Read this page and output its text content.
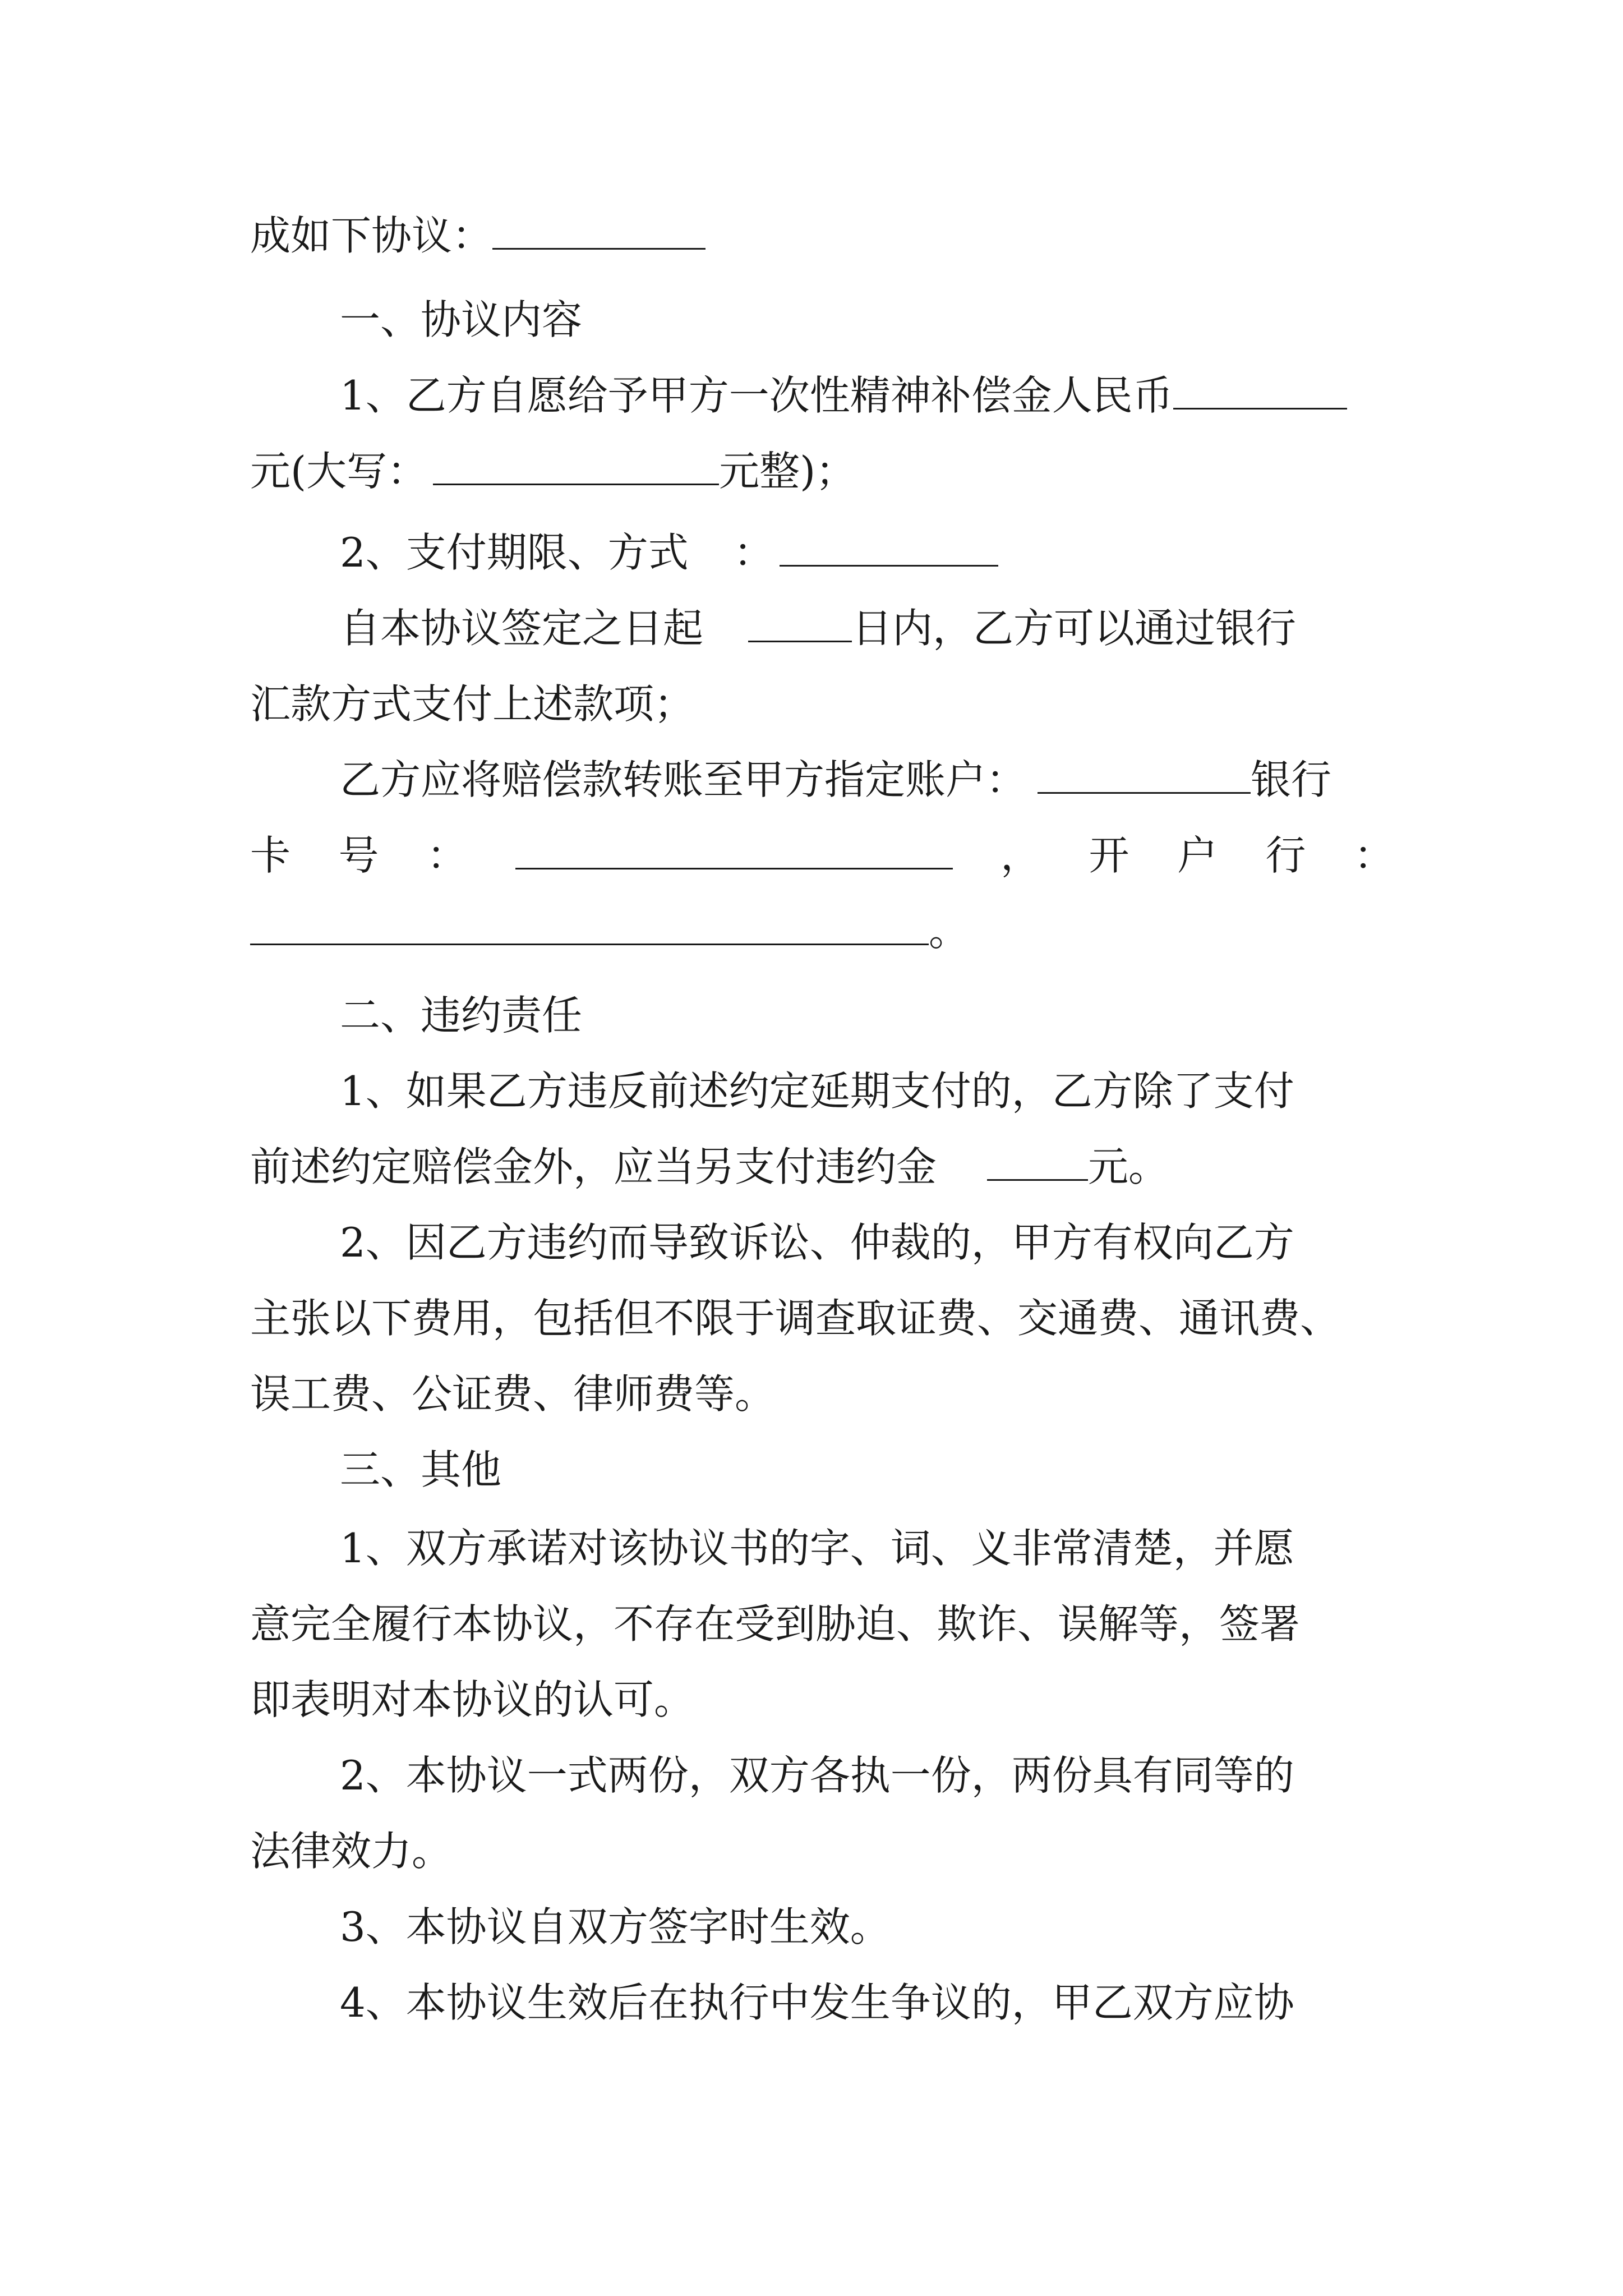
成如下协议：
一、协议内容
1、乙方自愿给予甲方一次性精神补偿金人民币
元(大写：	元整)；
2、支付期限、方式 ：
自本协议签定之日起	日内，乙方可以通过银行
汇款方式支付上述款项；
乙方应将赔偿款转账至甲方指定账户：	银行
卡 号 ：	， 开 户 行 ：
。
二、违约责任
1、如果乙方违反前述约定延期支付的，乙方除了支付
前述约定赔偿金外，应当另支付违约金	元。
2、因乙方违约而导致诉讼、仲裁的，甲方有权向乙方
主张以下费用，包括但不限于调查取证费、交通费、通讯费、
误工费、公证费、律师费等。
三、其他
1、双方承诺对该协议书的字、词、义非常清楚，并愿
意完全履行本协议，不存在受到胁迫、欺诈、误解等，签署
即表明对本协议的认可。
2、本协议一式两份，双方各执一份，两份具有同等的
法律效力。
3、本协议自双方签字时生效。
4、本协议生效后在执行中发生争议的，甲乙双方应协
